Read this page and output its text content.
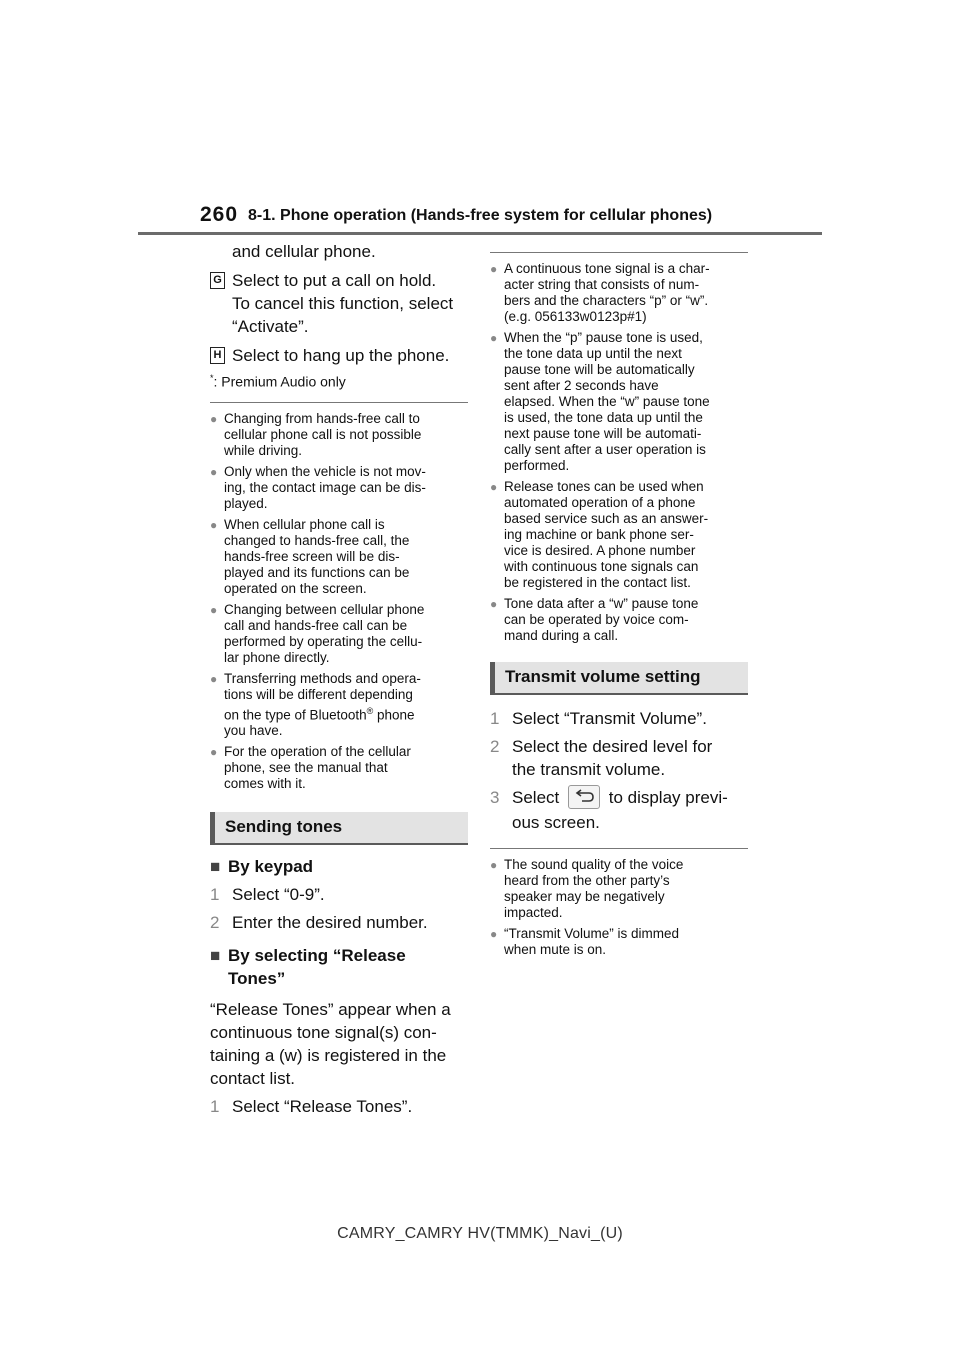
260 8-1. Phone operation (Hands-free system for cellular phones)

and cellular phone.

G Select to put a call on hold.

To cancel this function, select

“Activate”.

H Select to hang up the phone.

*: Premium Audio only
● Changing from hands-free call to
cellular phone call is not possible
while driving.
● Only when the vehicle is not mov-
ing, the contact image can be dis-
played.
● When cellular phone call is
changed to hands-free call, the
hands-free screen will be dis-
played and its functions can be
operated on the screen.
● Changing between cellular phone
call and hands-free call can be
performed by operating the cellu-
lar phone directly.
● Transferring methods and opera-
tions will be different depending
on the type of Bluetooth® phone
you have.
● For the operation of the cellular
phone, see the manual that
comes with it.
Sending tones
■ By keypad
1 Select “0-9”.
2 Enter the desired number.
■ By selecting “Release
Tones”
“Release Tones” appear when a
continuous tone signal(s) con-
taining a (w) is registered in the
contact list.
1 Select “Release Tones”.
● A continuous tone signal is a char-
acter string that consists of num-
bers and the characters “p” or “w”.
(e.g. 056133w0123p#1)
● When the “p” pause tone is used,
the tone data up until the next
pause tone will be automatically
sent after 2 seconds have
elapsed. When the “w” pause tone
is used, the tone data up until the
next pause tone will be automati-
cally sent after a user operation is
performed.
● Release tones can be used when
automated operation of a phone
based service such as an answer-
ing machine or bank phone ser-
vice is desired. A phone number
with continuous tone signals can
be registered in the contact list.
● Tone data after a “w” pause tone
can be operated by voice com-
mand during a call.
Transmit volume setting
1 Select “Transmit Volume”.
2 Select the desired level for
the transmit volume.
3 Select	to display previ-
ous screen.
● The sound quality of the voice
heard from the other party’s
speaker may be negatively
impacted.
● “Transmit Volume” is dimmed
when mute is on.
CAMRY_CAMRY HV(TMMK)_Navi_(U)
